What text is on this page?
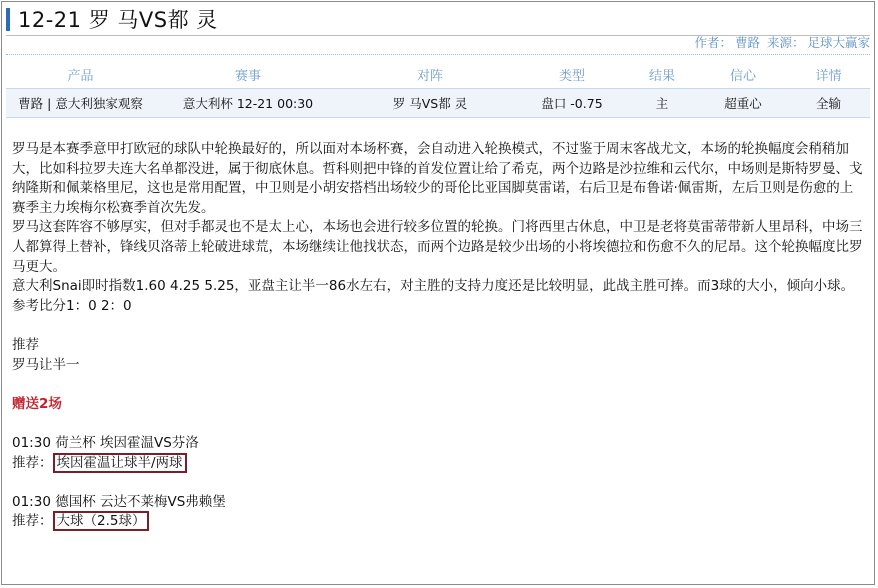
12-21 罗 马VS都 灵
作者： 曹路 来源： 足球大赢家
产品	赛事	对阵	类型	结果	信心	详情
曹路 | 意大利独家观察	意大利杯 12-21 00:30	罗 马VS都 灵	盘口 -0.75	主	超重心	全输

罗马是本赛季意甲打欧冠的球队中轮换最好的，所以面对本场杯赛，会自动进入轮换模式，不过鉴于周末客战尤文，本场的轮换幅度会稍稍加大，比如科拉罗夫连大名单都没进，属于彻底休息。哲科则把中锋的首发位置让给了希克，两个边路是沙拉维和云代尔，中场则是斯特罗曼、戈纳隆斯和佩莱格里尼，这也是常用配置，中卫则是小胡安搭档出场较少的哥伦比亚国脚莫雷诺，右后卫是布鲁诺·佩雷斯，左后卫则是伤愈的上赛季主力埃梅尔松赛季首次先发。

罗马这套阵容不够厚实，但对手都灵也不是太上心，本场也会进行较多位置的轮换。门将西里古休息，中卫是老将莫雷蒂带新人里昂科，中场三人都算得上替补，锋线贝洛蒂上轮破进球荒，本场继续让他找状态，而两个边路是较少出场的小将埃德拉和伤愈不久的尼昂。这个轮换幅度比罗马更大。

意大利Snai即时指数1.60 4.25 5.25，亚盘主让半一86水左右，对主胜的支持力度还是比较明显，此战主胜可捧。而3球的大小，倾向小球。参考比分1：0 2：0

推荐

罗马让半一

赠送2场

01:30 荷兰杯 埃因霍温VS芬洛

推荐： 埃因霍温让球半/两球

01:30 德国杯 云达不莱梅VS弗赖堡

推荐： 大球（2.5球）
